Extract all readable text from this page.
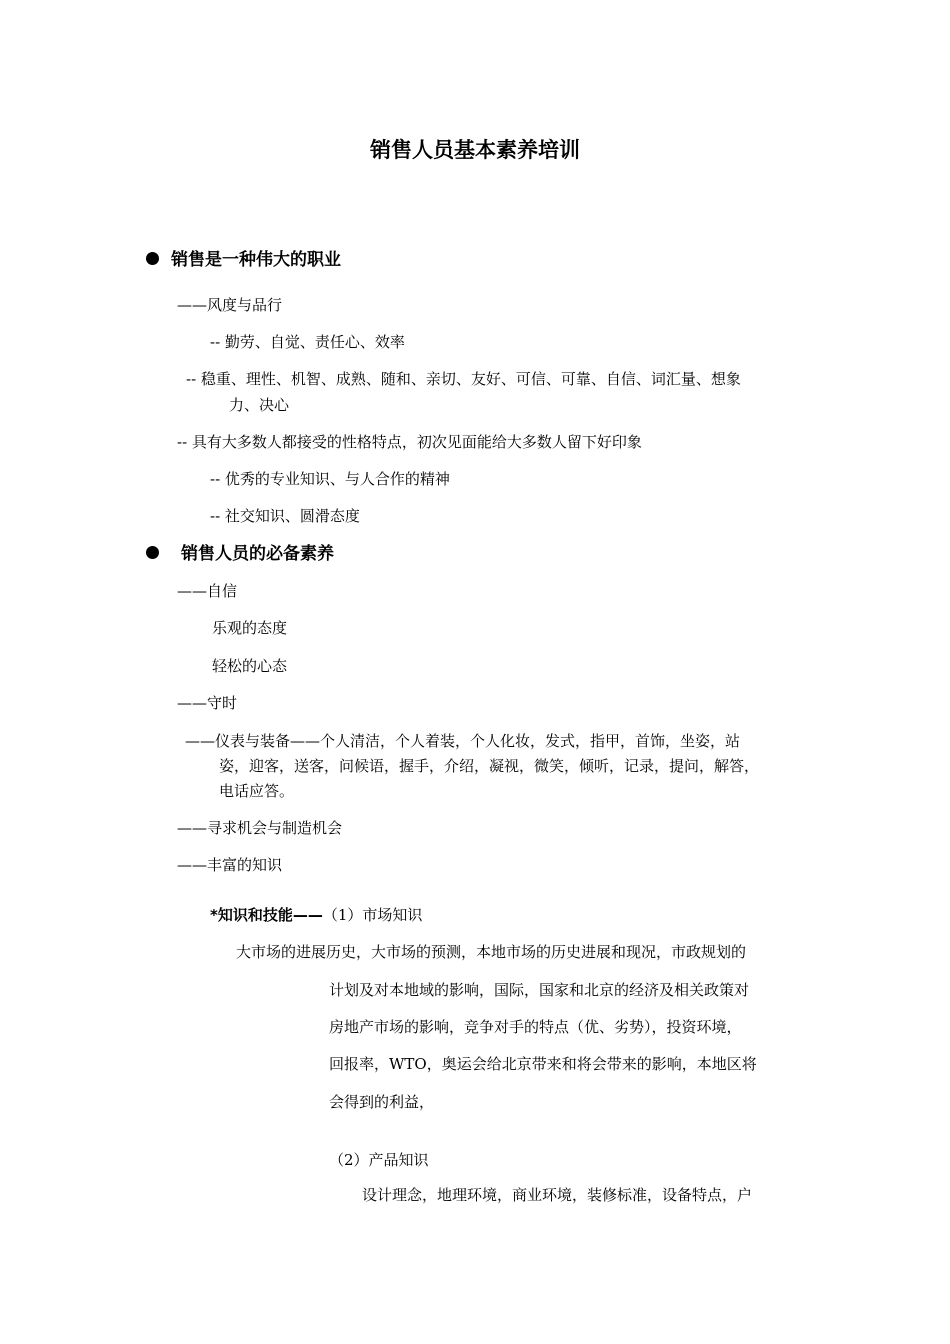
销售人员基本素养培训
销售是一种伟大的职业
——风度与品行
-- 勤劳、自觉、责任心、效率
-- 稳重、理性、机智、成熟、随和、亲切、友好、可信、可靠、自信、词汇量、想象
力、决心
-- 具有大多数人都接受的性格特点，初次见面能给大多数人留下好印象
-- 优秀的专业知识、与人合作的精神
-- 社交知识、圆滑态度
销售人员的必备素养
——自信
乐观的态度
轻松的心态
——守时
——仪表与装备——个人清洁，个人着装，个人化妆，发式，指甲，首饰，坐姿，站
姿，迎客，送客，问候语，握手，介绍，凝视，微笑，倾听，记录，提问，解答，
电话应答。
——寻求机会与制造机会
——丰富的知识
*知识和技能——（1）市场知识
大市场的进展历史，大市场的预测，本地市场的历史进展和现况，市政规划的
计划及对本地域的影响，国际，国家和北京的经济及相关政策对
房地产市场的影响，竞争对手的特点（优、劣势），投资环境，
回报率，WTO，奥运会给北京带来和将会带来的影响，本地区将
会得到的利益，
（2）产品知识
设计理念，地理环境，商业环境，装修标准，设备特点，户
